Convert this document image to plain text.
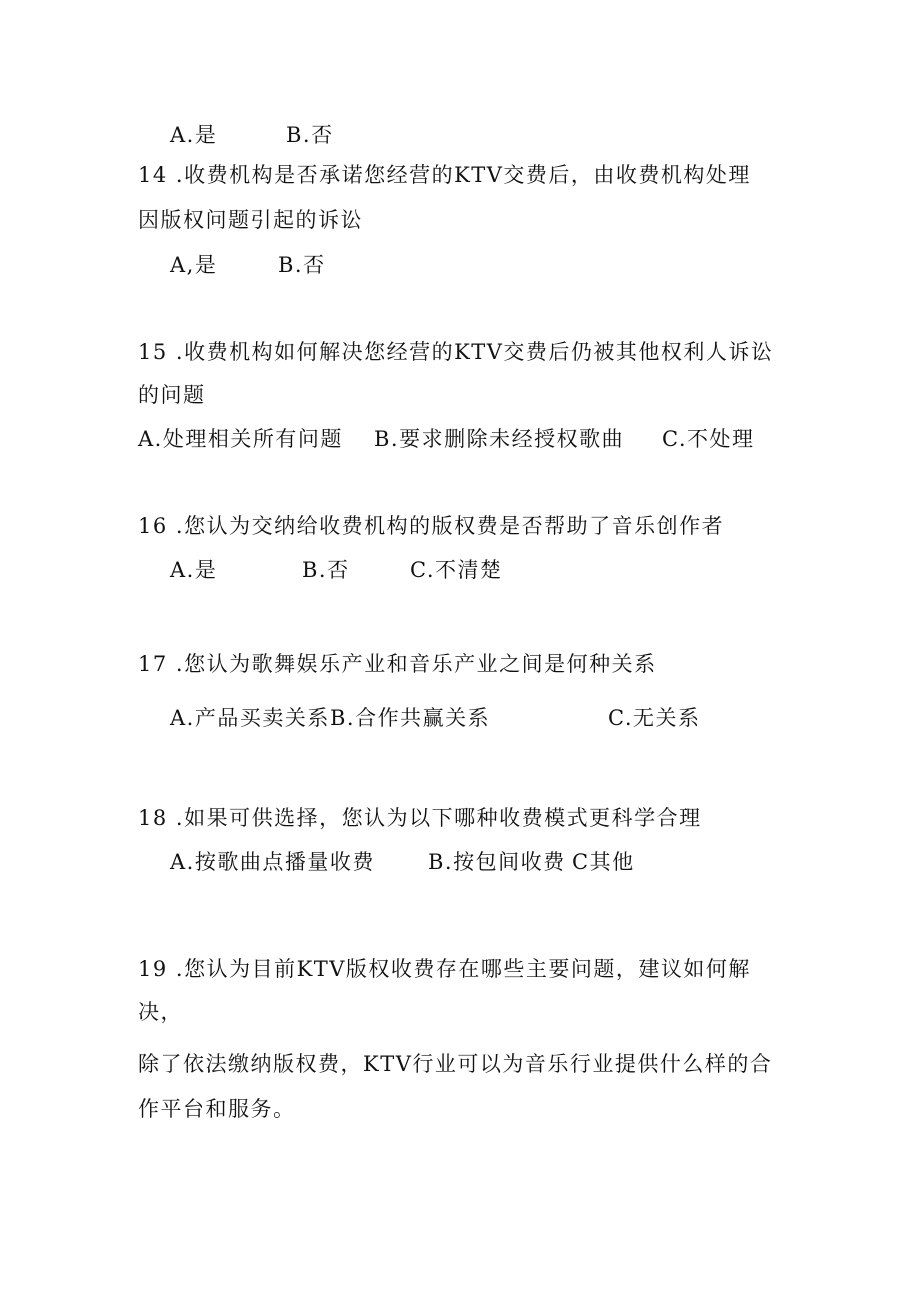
A.是	B.否
14 .收费机构是否承诺您经营的KTV交费后，由收费机构处理
因版权问题引起的诉讼
A,是	B.否
15 .收费机构如何解决您经营的KTV交费后仍被其他权利人诉讼
的问题
A.处理相关所有问题 B.要求删除未经授权歌曲 C.不处理
16 .您认为交纳给收费机构的版权费是否帮助了音乐创作者
A.是	B.否	C.不清楚
17 .您认为歌舞娱乐产业和音乐产业之间是何种关系
A.产品买卖关系 B.合作共赢关系	C.无关系
18 .如果可供选择，您认为以下哪种收费模式更科学合理
A.按歌曲点播量收费	B.按包间收费 C其他
19 .您认为目前KTV版权收费存在哪些主要问题，建议如何解
决，
除了依法缴纳版权费，KTV行业可以为音乐行业提供什么样的合
作平台和服务。
